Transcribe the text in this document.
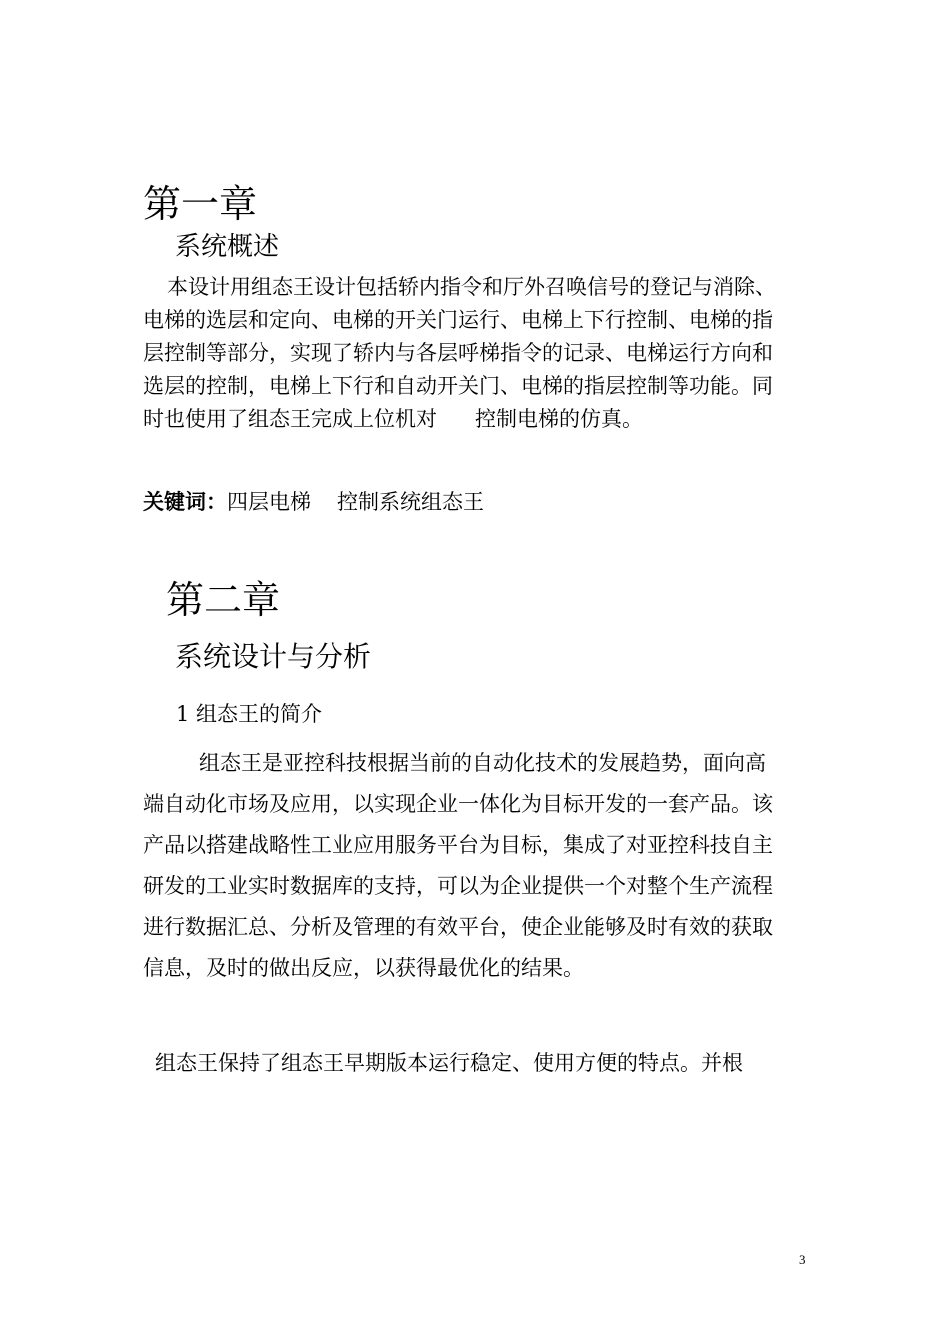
第一章
系统概述
本设计用组态王设计包括轿内指令和厅外召唤信号的登记与消除、
电梯的选层和定向、电梯的开关门运行、电梯上下行控制、电梯的指
层控制等部分，实现了轿内与各层呼梯指令的记录、电梯运行方向和
选层的控制，电梯上下行和自动开关门、电梯的指层控制等功能。同
时也使用了组态王完成上位机对 控制电梯的仿真。
关键词：四层电梯 控制系统组态王
第二章
系统设计与分析
1 组态王的简介
　　组态王是亚控科技根据当前的自动化技术的发展趋势，面向高
端自动化市场及应用，以实现企业一体化为目标开发的一套产品。该
产品以搭建战略性工业应用服务平台为目标，集成了对亚控科技自主
研发的工业实时数据库的支持，可以为企业提供一个对整个生产流程
进行数据汇总、分析及管理的有效平台，使企业能够及时有效的获取
信息，及时的做出反应，以获得最优化的结果。
组态王保持了组态王早期版本运行稳定、使用方便的特点。并根
3
